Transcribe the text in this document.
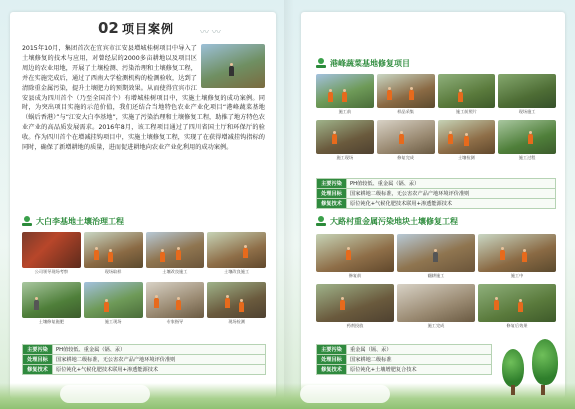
02 项目案例	〰 〰
2015年10月，集团首次在宜宾市江安县增城桂树项目中导入了土壤修复的技术与应用，对曾经层的2000多亩耕地以及项目区周边的农业用地，开展了土壤检测、污染治理和土壤修复工程，并在实施完成后，通过了西南大学检测机构的检测验收，达到了清除重金属污染，提升土壤肥力的预期效果。从而使得宜宾市江安县成为四川首个（乃至全国首个）有增城桂树项目中，实施土壤修复的成功案例。同时，为突出项目实施的示范价值，我们还结合当地特色农业产业化项目“港峰蔬菜基地（蜗后香港）”与“江安大白李基地”，实施了污染治理和土壤修复工程，助推了地方特色农业产业的高品质发展需求。2016年8月，该工程项目通过了四川省国土厅和环保厅的验收。作为四川首个在增减挂钩项目中，实施土壤修复工程，实现了在获得增减挂钩指标的同时，确保了新增耕地的质量，进而促进耕地向农业产业化利用的成功案例。
大白李基地土壤治理工程
公司领导现场考察	现场取样	土壤改良施工	土壤改良施工
土壤修复施肥	施工现场	专家指导	现场检测
主要污染	PH值较低、重金属（镉、汞）
处理目标	国家耕地二级标准，无公害农产品产地环境评价准则
修复技术	原位钝化+气候化肥技术联用+渗透能源技术
港峰蔬菜基地修复项目
施工前	样品采集	施工前照片	现场施工
施工现场	修复完成	土壤检测	施工过程
主要污染	PH值较低、重金属（镉、汞）
处理目标	国家耕地二级标准，无公害农产品产地环境评价准则
修复技术	原位钝化+气候化肥技术联用+渗透能源技术
大路村重金属污染地块土壤修复工程
修复前	翻耕施工	施工中
药剂投放	施工完成	修复后效果
主要污染	重金属（镉、汞）
处理目标	国家耕地二级标准
修复技术	原位钝化+土壤增肥复合技术
